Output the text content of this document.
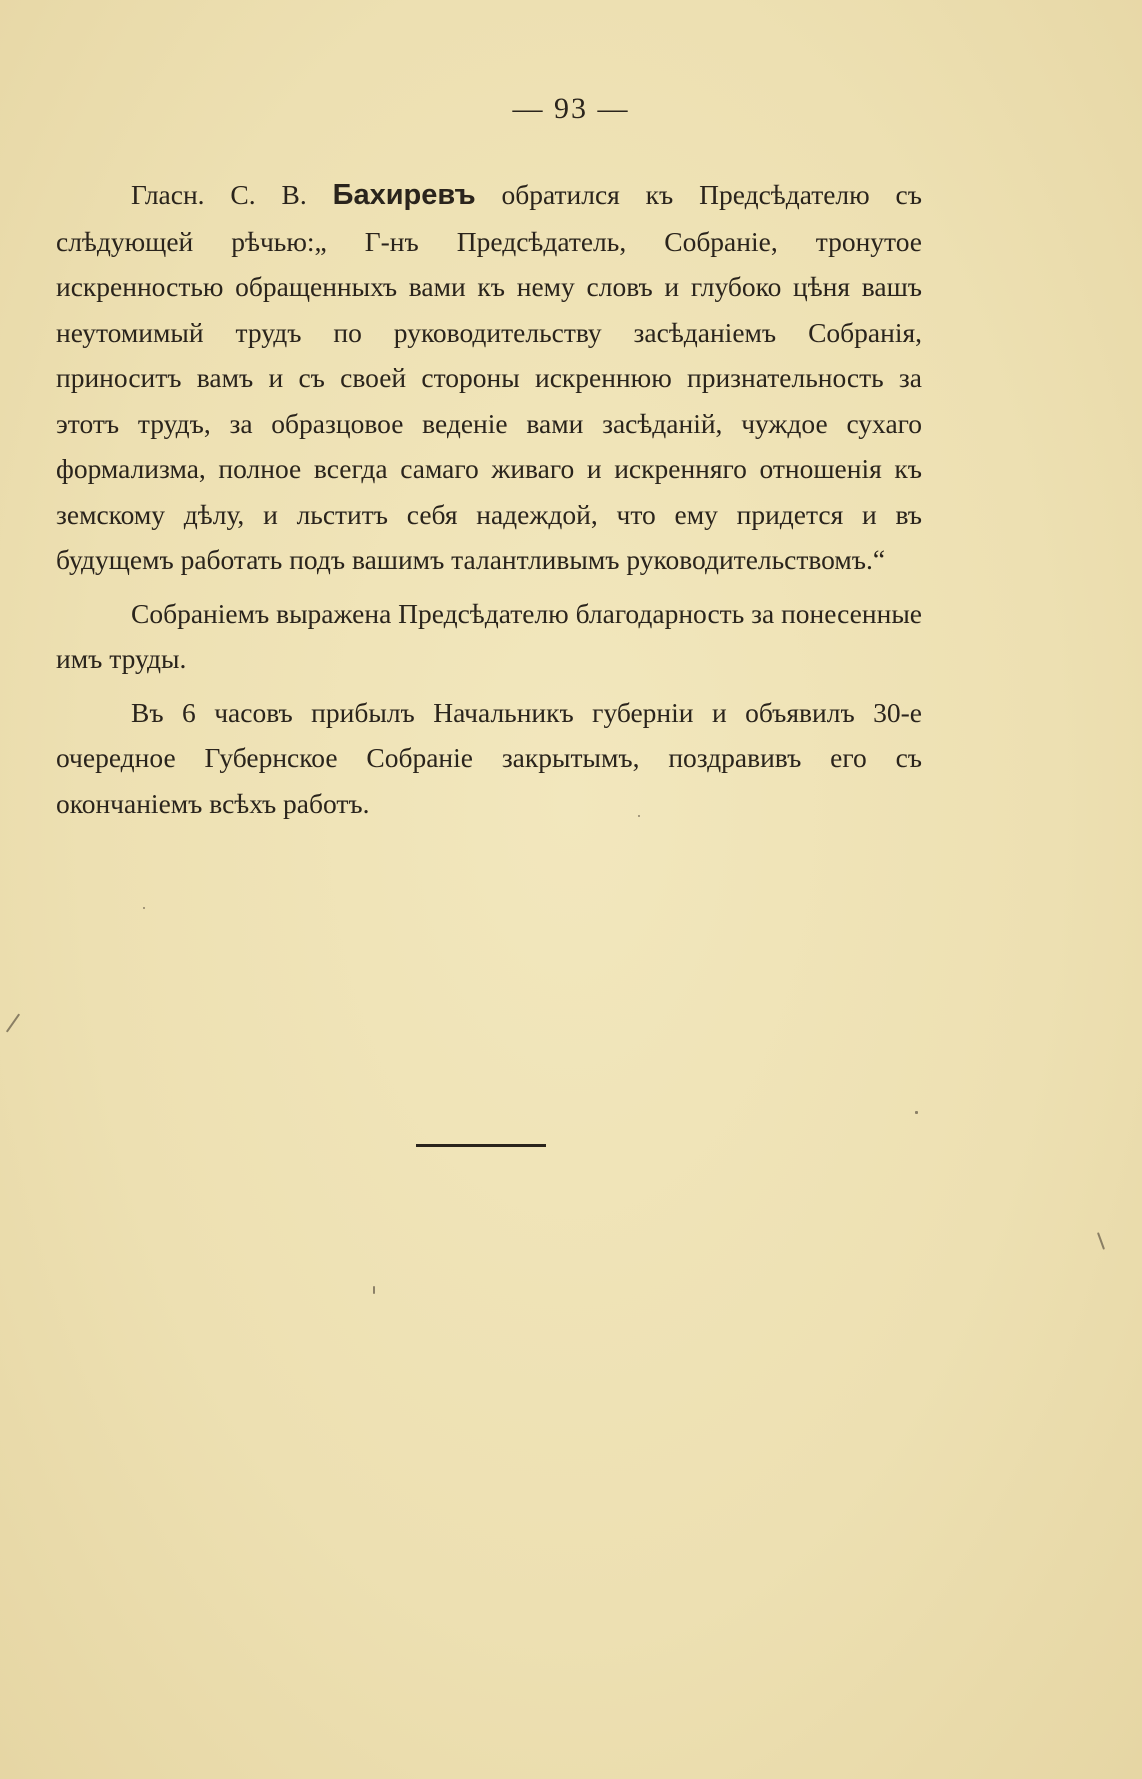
— 93 —

Гласн. С. В. Бахиревъ обратился къ Предсѣдателю съ слѣдующей рѣчью:„ Г-нъ Предсѣдатель, Собраніе, тронутое искренностью обращенныхъ вами къ нему словъ и глубоко цѣня вашъ неутомимый трудъ по руководительству засѣданіемъ Собранія, приноситъ вамъ и съ своей стороны искреннюю признательность за этотъ трудъ, за образцовое веденіе вами засѣданій, чуждое сухаго формализма, полное всегда самаго живаго и искренняго отношенія къ земскому дѣлу, и льститъ себя надеждой, что ему придется и въ будущемъ работать подъ вашимъ талантливымъ руководительствомъ.“

Собраніемъ выражена Предсѣдателю благодарность за понесенные имъ труды.

Въ 6 часовъ прибылъ Начальникъ губерніи и объявилъ 30-е очередное Губернское Собраніе закрытымъ, поздравивъ его съ окончаніемъ всѣхъ работъ.
